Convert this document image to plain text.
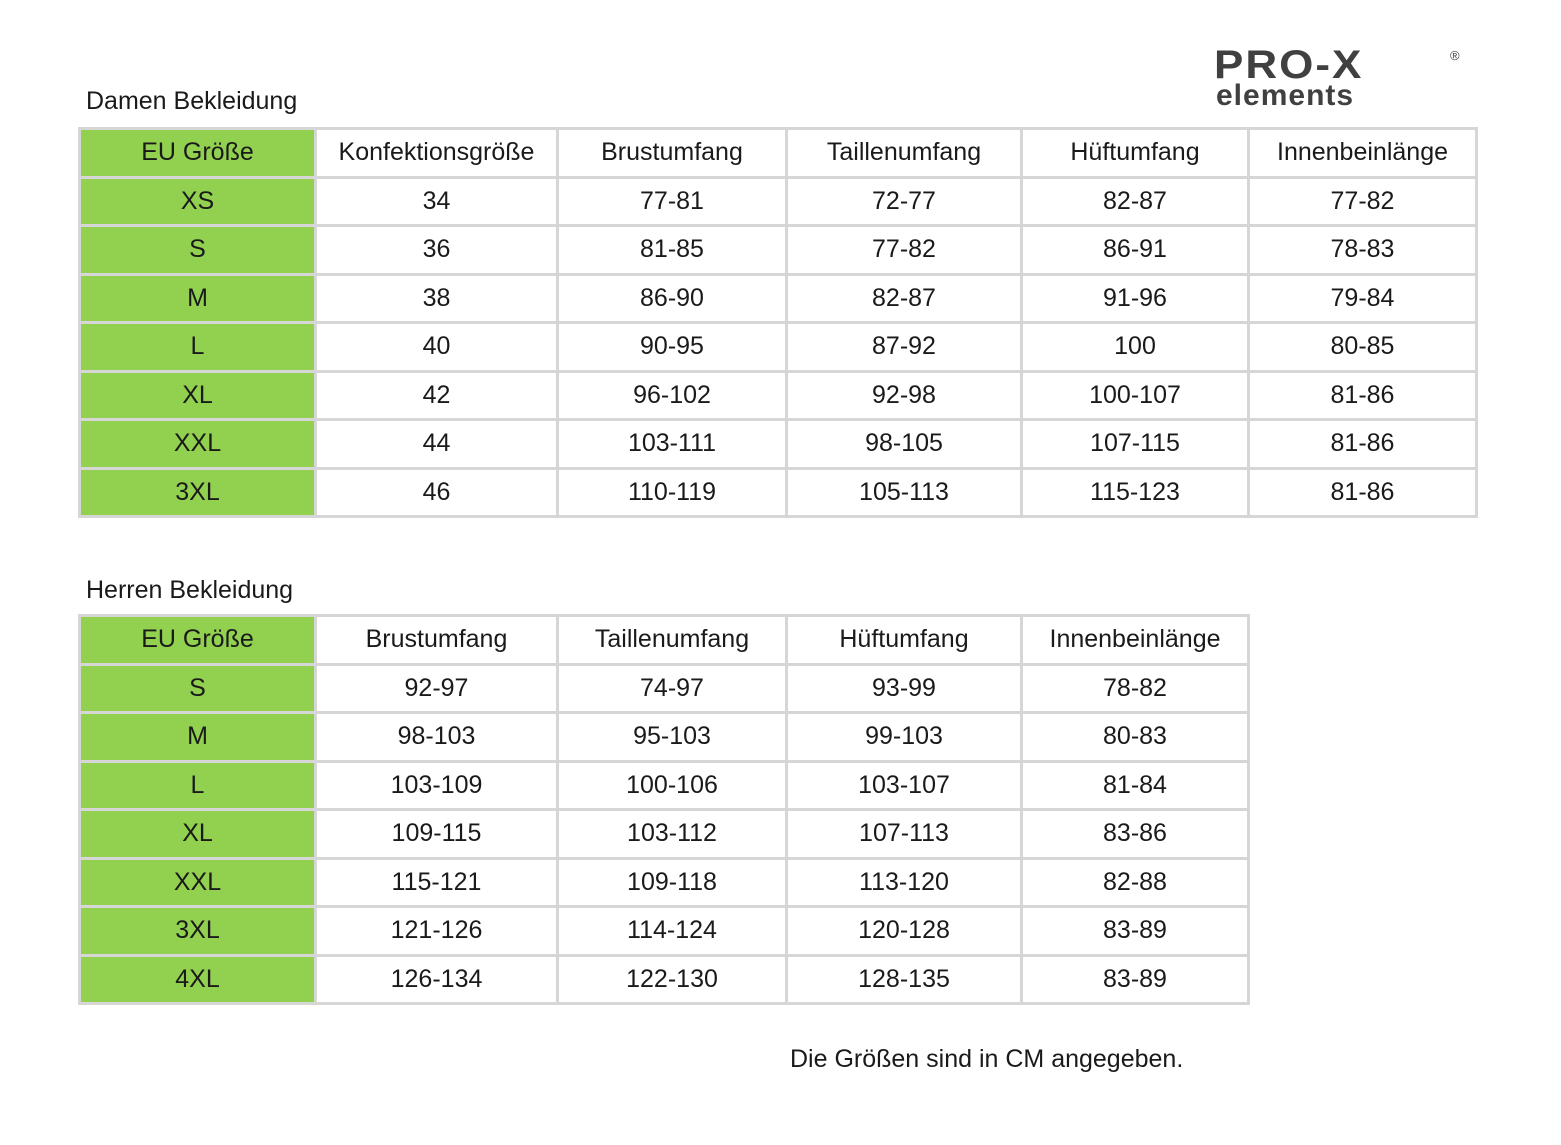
PRO-X	®
elements
Damen Bekleidung
EU Größe	Konfektionsgröße	Brustumfang	Taillenumfang	Hüftumfang	Innenbeinlänge
XS	34	77-81	72-77	82-87	77-82
S	36	81-85	77-82	86-91	78-83
M	38	86-90	82-87	91-96	79-84
L	40	90-95	87-92	100	80-85
XL	42	96-102	92-98	100-107	81-86
XXL	44	103-111	98-105	107-115	81-86
3XL	46	110-119	105-113	115-123	81-86
Herren Bekleidung
EU Größe	Brustumfang	Taillenumfang	Hüftumfang	Innenbeinlänge
S	92-97	74-97	93-99	78-82
M	98-103	95-103	99-103	80-83
L	103-109	100-106	103-107	81-84
XL	109-115	103-112	107-113	83-86
XXL	115-121	109-118	113-120	82-88
3XL	121-126	114-124	120-128	83-89
4XL	126-134	122-130	128-135	83-89
Die Größen sind in CM angegeben.
